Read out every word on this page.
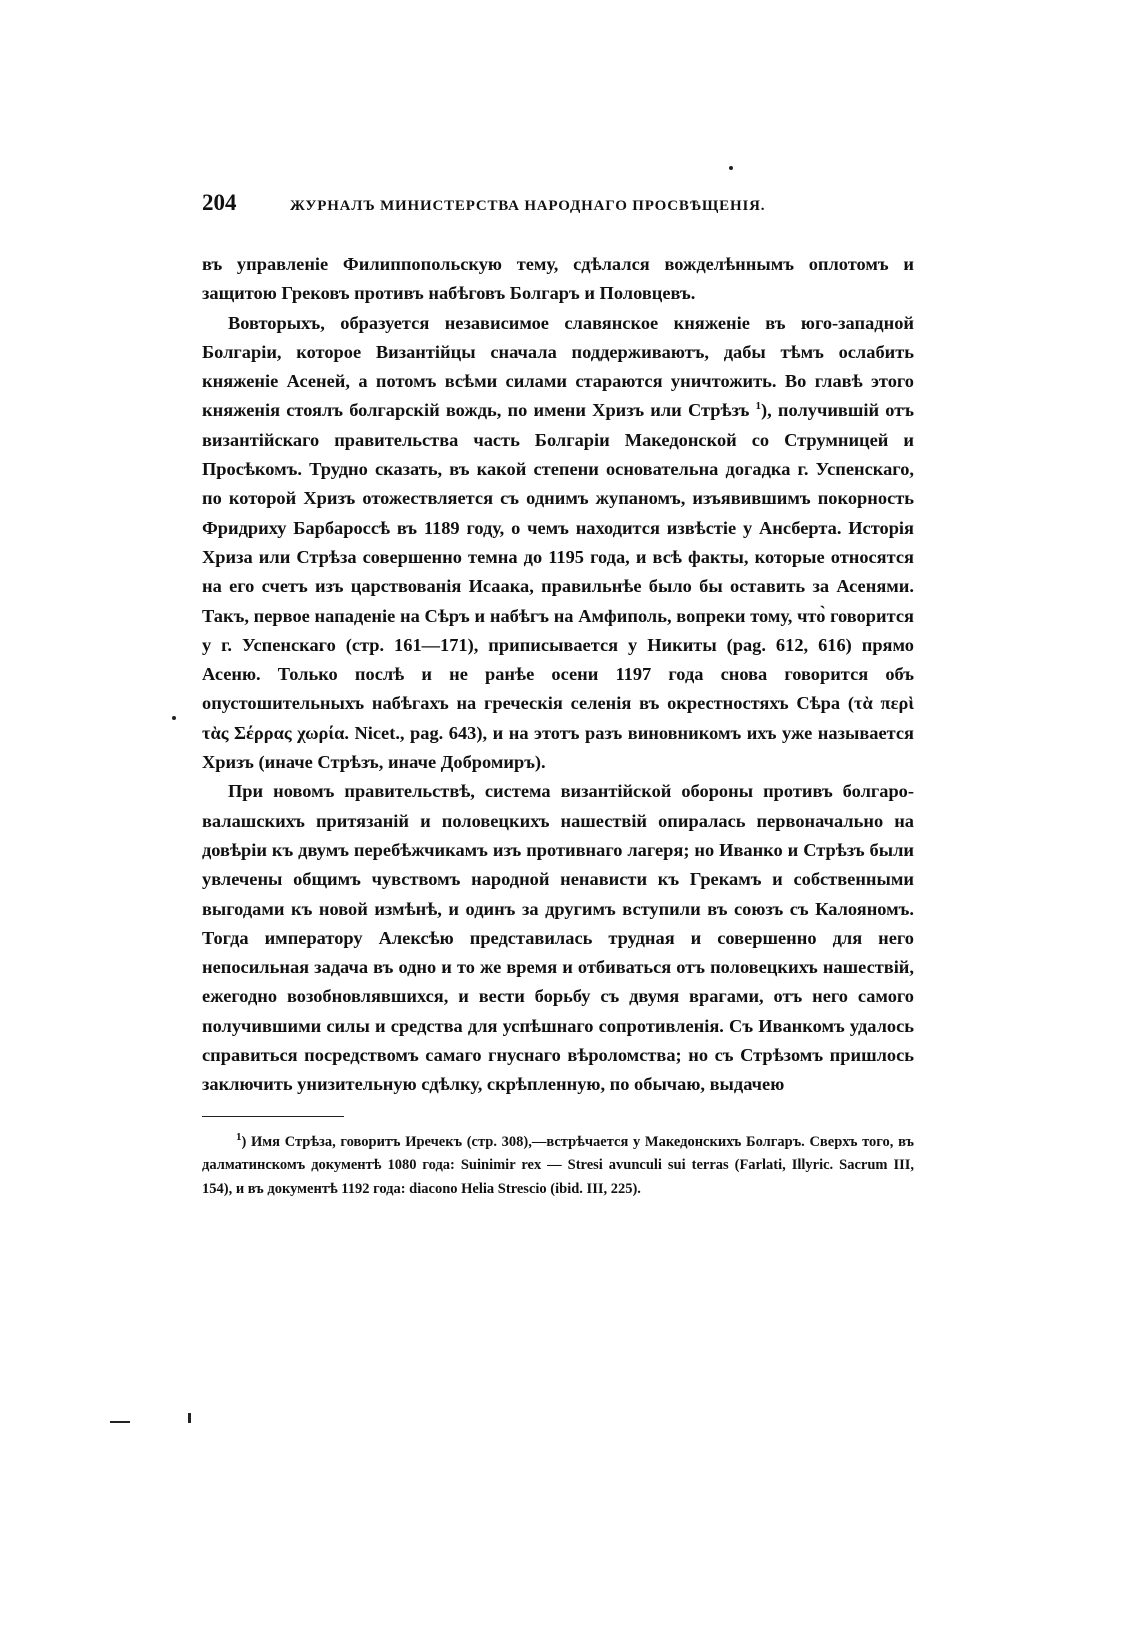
204	ЖУРНАЛЪ МИНИСТЕРСТВА НАРОДНАГО ПРОСВѢЩЕНІЯ.

въ управленіе Филиппопольскую тему, сдѣлался вожделѣннымъ оплотомъ и защитою Грековъ противъ набѣговъ Болгаръ и Половцевъ.

Вовторыхъ, образуется независимое славянское княженіе въ юго-западной Болгаріи, которое Византійцы сначала поддерживаютъ, дабы тѣмъ ослабить княженіе Асеней, а потомъ всѣми силами стараются уничтожить. Во главѣ этого княженія стоялъ болгарскій вождь, по имени Хризъ или Стрѣзъ $^1$), получившій отъ византійскаго правительства часть Болгаріи Македонской со Струмницей и Просѣкомъ. Трудно сказать, въ какой степени основательна догадка г. Успенскаго, по которой Хризъ отожествляется съ однимъ жупаномъ, изъявившимъ покорность Фридриху Барбароссѣ въ 1189 году, о чемъ находится извѣстіе у Ансберта. Исторія Хриза или Стрѣза совершенно темна до 1195 года, и всѣ факты, которые относятся на его счетъ изъ царствованія Исаака, правильнѣе было бы оставить за Асенями. Такъ, первое нападеніе на Сѣръ и набѣгъ на Амфиполь, вопреки тому, что̀ говорится у г. Успенскаго (стр. 161—171), приписывается у Никиты (pag. 612, 616) прямо Асеню. Только послѣ и не ранѣе осени 1197 года снова говорится объ опустошительныхъ набѣгахъ на греческія селенія въ окрестностяхъ Сѣра (τὰ περὶ τὰς Σέρρας χωρία. Nicet., pag. 643), и на этотъ разъ виновникомъ ихъ уже называется Хризъ (иначе Стрѣзъ, иначе Добромиръ).

При новомъ правительствѣ, система византійской обороны противъ болгаро-валашскихъ притязаній и половецкихъ нашествій опиралась первоначально на довѣріи къ двумъ перебѣжчикамъ изъ противнаго лагеря; но Иванко и Стрѣзъ были увлечены общимъ чувствомъ народной ненависти къ Грекамъ и собственными выгодами къ новой измѣнѣ, и одинъ за другимъ вступили въ союзъ съ Калояномъ. Тогда императору Алексѣю представилась трудная и совершенно для него непосильная задача въ одно и то же время и отбиваться отъ половецкихъ нашествій, ежегодно возобновлявшихся, и вести борьбу съ двумя врагами, отъ него самого получившими силы и средства для успѣшнаго сопротивленія. Съ Иванкомъ удалось справиться посредствомъ самаго гнуснаго вѣроломства; но съ Стрѣзомъ пришлось заключить унизительную сдѣлку, скрѣпленную, по обычаю, выдачею

$^1$) Имя Стрѣза, говоритъ Иречекъ (стр. 308),—встрѣчается у Македонскихъ Болгаръ. Сверхъ того, въ далматинскомъ документѣ 1080 года: Suinimir rex — Stresi avunculi sui terras (Farlati, Illyric. Sacrum III, 154), и въ документѣ 1192 года: diacono Helia Strescio (ibid. III, 225).
